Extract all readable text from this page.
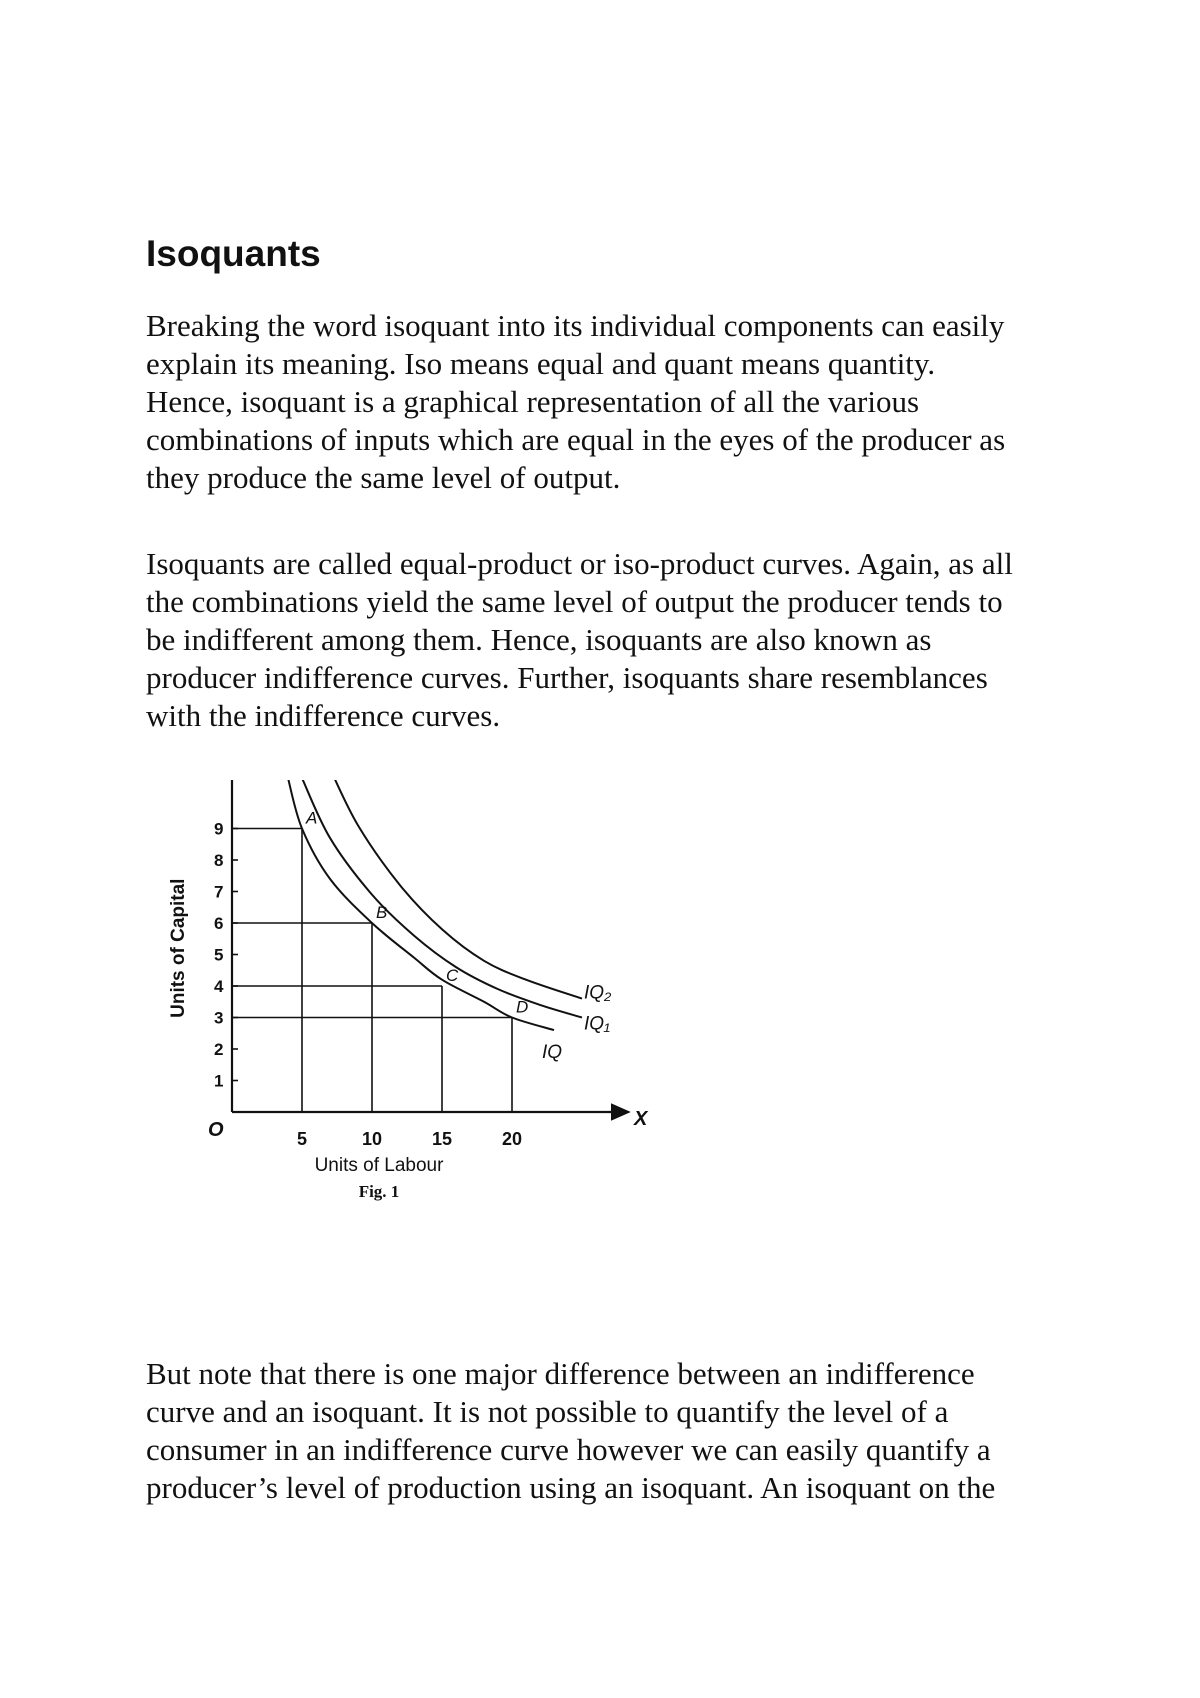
Isoquants

Breaking the word isoquant into its individual components can easily
explain its meaning. Iso means equal and quant means quantity.
Hence, isoquant is a graphical representation of all the various
combinations of inputs which are equal in the eyes of the producer as
they produce the same level of output.

Isoquants are called equal-product or iso-product curves. Again, as all
the combinations yield the same level of output the producer tends to
be indifferent among them. Hence, isoquants are also known as
producer indifference curves. Further, isoquants share resemblances
with the indifference curves.

1
2
3
4
5
6
7
8
9
5	10	15	20
O	X
Units of Labour
Units of Capital
Fig. 1
IQ
IQ₁
IQ₂
A
B
C
D

But note that there is one major difference between an indifference
curve and an isoquant. It is not possible to quantify the level of a
consumer in an indifference curve however we can easily quantify a
producer’s level of production using an isoquant. An isoquant on the
